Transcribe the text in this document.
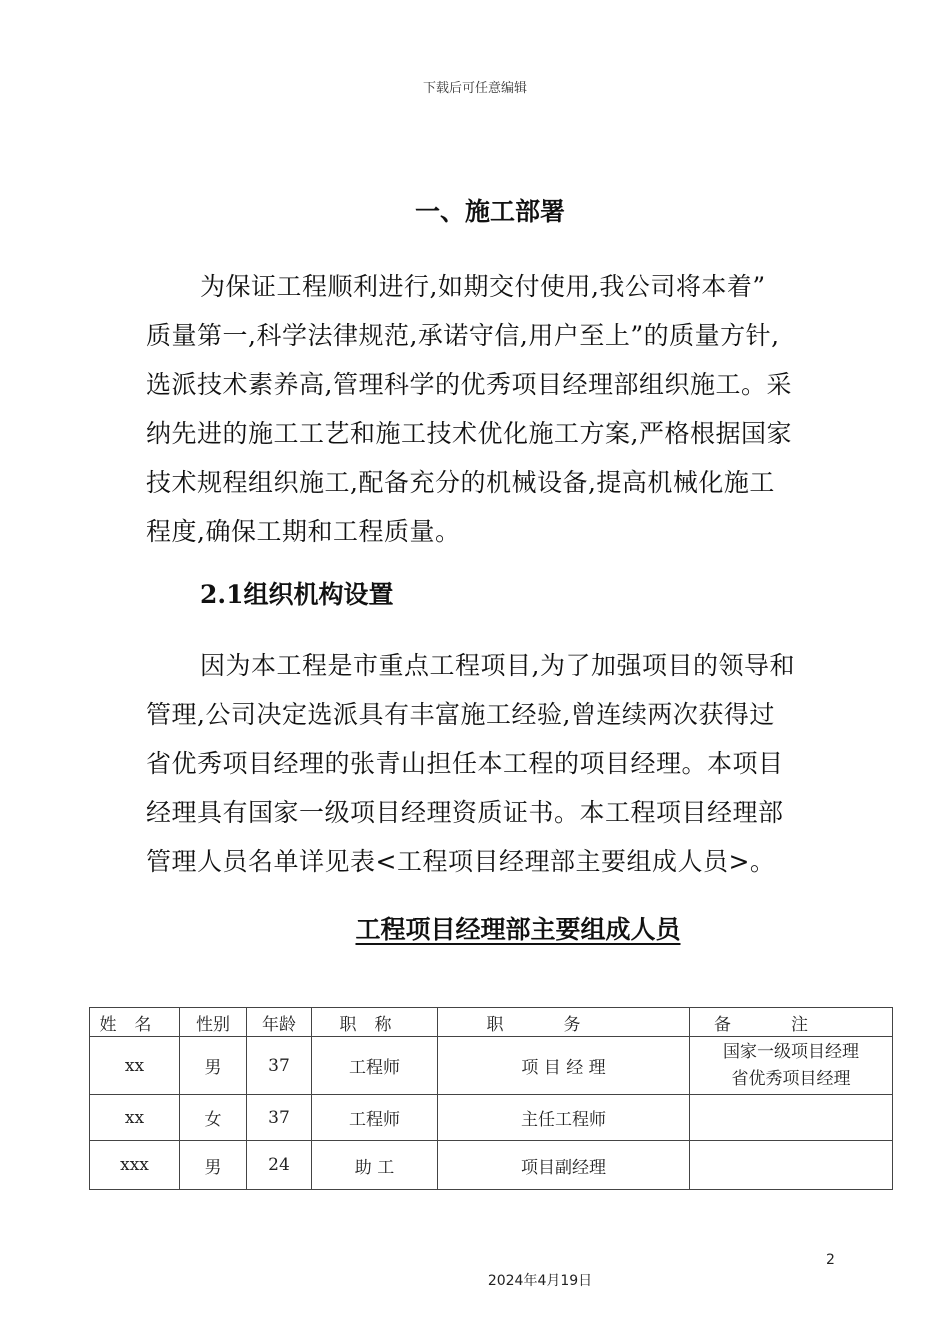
下载后可任意编辑
一、施工部署
为保证工程顺利进行,如期交付使用,我公司将本着”
质量第一,科学法律规范,承诺守信,用户至上”的质量方针,
选派技术素养高,管理科学的优秀项目经理部组织施工。采
纳先进的施工工艺和施工技术优化施工方案,严格根据国家
技术规程组织施工,配备充分的机械设备,提高机械化施工
程度,确保工期和工程质量。
2.1组织机构设置
因为本工程是市重点工程项目,为了加强项目的领导和
管理,公司决定选派具有丰富施工经验,曾连续两次获得过
省优秀项目经理的张青山担任本工程的项目经理。本项目
经理具有国家一级项目经理资质证书。本工程项目经理部
管理人员名单详见表<工程项目经理部主要组成人员>。
工程项目经理部主要组成人员
姓名	性别	年龄	职称	职务	备注
xx	男	37	工程师	项 目 经 理	国家一级项目经理
省优秀项目经理

xx	女	37	工程师	主任工程师	
xxx	男	24	助 工	项目副经理	
2
2024年4月19日
